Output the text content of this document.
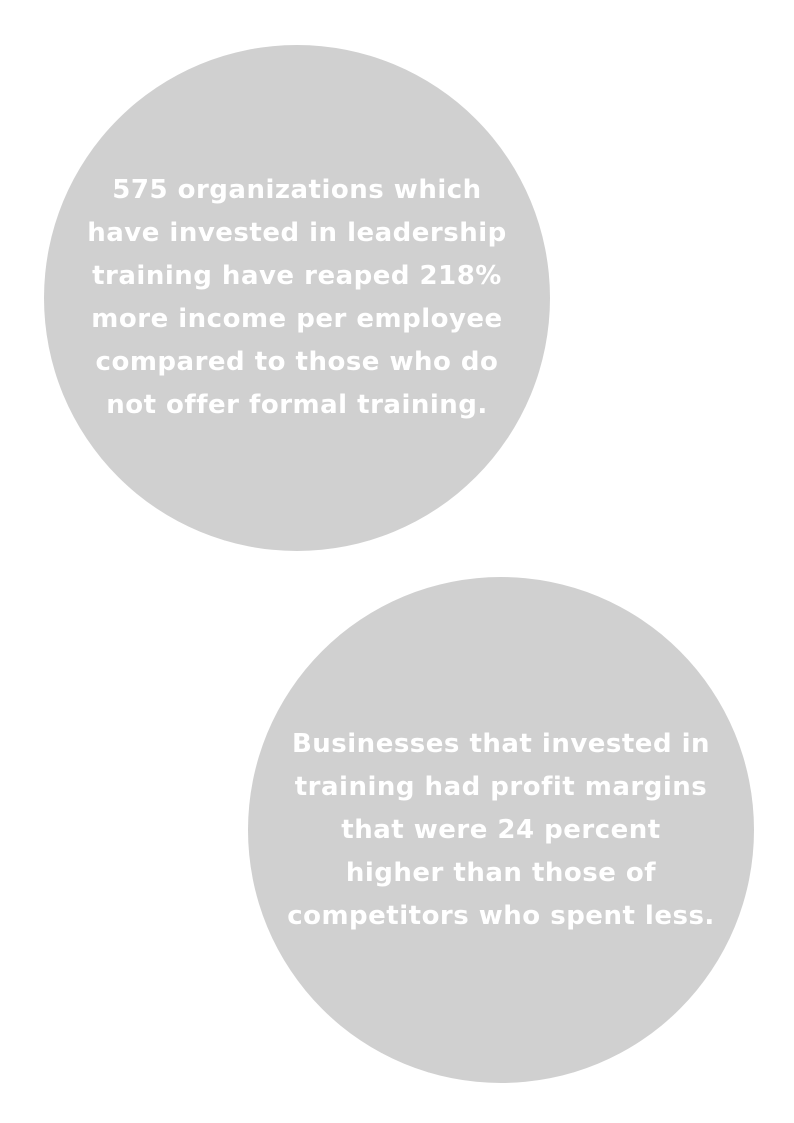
575 organizations which
have invested in leadership
training have reaped 218%
more income per employee
compared to those who do
not offer formal training.
Businesses that invested in
training had profit margins
that were 24 percent
higher than those of
competitors who spent less.
